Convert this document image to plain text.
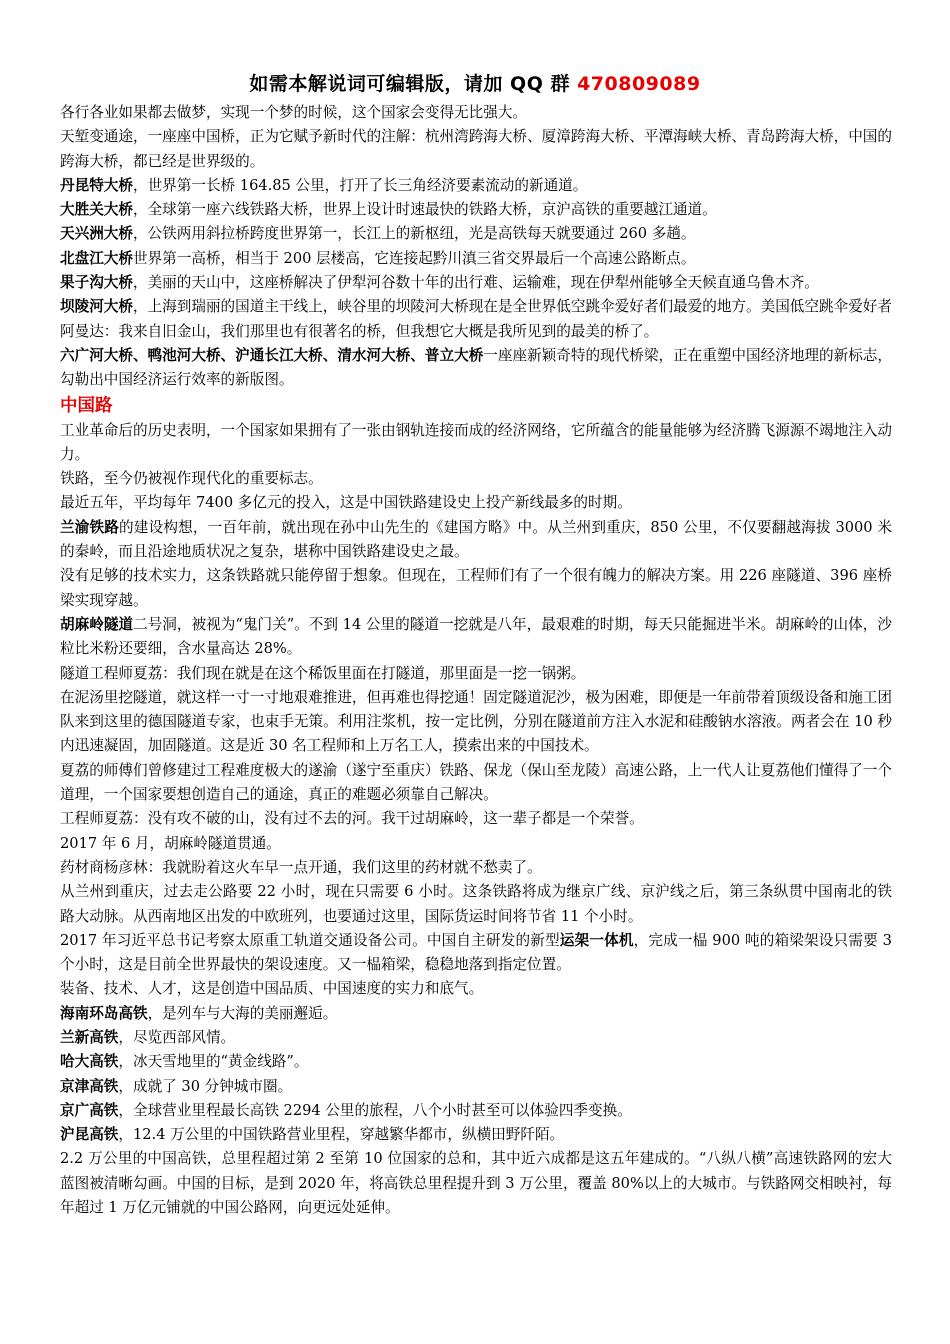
如需本解说词可编辑版，请加 QQ 群 470809089

各行各业如果都去做梦，实现一个梦的时候，这个国家会变得无比强大。

天堑变通途，一座座中国桥，正为它赋予新时代的注解：杭州湾跨海大桥、厦漳跨海大桥、平潭海峡大桥、青岛跨海大桥，中国的跨海大桥，都已经是世界级的。

丹昆特大桥，世界第一长桥 164.85 公里，打开了长三角经济要素流动的新通道。

大胜关大桥，全球第一座六线铁路大桥，世界上设计时速最快的铁路大桥，京沪高铁的重要越江通道。

天兴洲大桥，公铁两用斜拉桥跨度世界第一，长江上的新枢纽，光是高铁每天就要通过 260 多趟。

北盘江大桥世界第一高桥，相当于 200 层楼高，它连接起黔川滇三省交界最后一个高速公路断点。

果子沟大桥，美丽的天山中，这座桥解决了伊犁河谷数十年的出行难、运输难，现在伊犁州能够全天候直通乌鲁木齐。

坝陵河大桥，上海到瑞丽的国道主干线上，峡谷里的坝陵河大桥现在是全世界低空跳伞爱好者们最爱的地方。美国低空跳伞爱好者阿曼达：我来自旧金山，我们那里也有很著名的桥，但我想它大概是我所见到的最美的桥了。

六广河大桥、鸭池河大桥、沪通长江大桥、清水河大桥、普立大桥一座座新颖奇特的现代桥梁，正在重塑中国经济地理的新标志，勾勒出中国经济运行效率的新版图。

中国路

工业革命后的历史表明，一个国家如果拥有了一张由钢轨连接而成的经济网络，它所蕴含的能量能够为经济腾飞源源不竭地注入动力。

铁路，至今仍被视作现代化的重要标志。

最近五年，平均每年 7400 多亿元的投入，这是中国铁路建设史上投产新线最多的时期。

兰渝铁路的建设构想，一百年前，就出现在孙中山先生的《建国方略》中。从兰州到重庆，850 公里，不仅要翻越海拔 3000 米的秦岭，而且沿途地质状况之复杂，堪称中国铁路建设史之最。

没有足够的技术实力，这条铁路就只能停留于想象。但现在，工程师们有了一个很有魄力的解决方案。用 226 座隧道、396 座桥梁实现穿越。

胡麻岭隧道二号洞，被视为“鬼门关”。不到 14 公里的隧道一挖就是八年，最艰难的时期，每天只能掘进半米。胡麻岭的山体，沙粒比米粉还要细，含水量高达 28%。

隧道工程师夏荔：我们现在就是在这个稀饭里面在打隧道，那里面是一挖一锅粥。

在泥汤里挖隧道，就这样一寸一寸地艰难推进，但再难也得挖通！固定隧道泥沙，极为困难，即便是一年前带着顶级设备和施工团队来到这里的德国隧道专家，也束手无策。利用注浆机，按一定比例，分别在隧道前方注入水泥和硅酸钠水溶液。两者会在 10 秒内迅速凝固，加固隧道。这是近 30 名工程师和上万名工人，摸索出来的中国技术。

夏荔的师傅们曾修建过工程难度极大的遂渝（遂宁至重庆）铁路、保龙（保山至龙陵）高速公路，上一代人让夏荔他们懂得了一个道理，一个国家要想创造自己的通途，真正的难题必须靠自己解决。

工程师夏荔：没有攻不破的山，没有过不去的河。我干过胡麻岭，这一辈子都是一个荣誉。

2017 年 6 月，胡麻岭隧道贯通。

药材商杨彦林：我就盼着这火车早一点开通，我们这里的药材就不愁卖了。

从兰州到重庆，过去走公路要 22 小时，现在只需要 6 小时。这条铁路将成为继京广线、京沪线之后，第三条纵贯中国南北的铁路大动脉。从西南地区出发的中欧班列，也要通过这里，国际货运时间将节省 11 个小时。

2017 年习近平总书记考察太原重工轨道交通设备公司。中国自主研发的新型运架一体机，完成一榀 900 吨的箱梁架设只需要 3 个小时，这是目前全世界最快的架设速度。又一榀箱梁，稳稳地落到指定位置。

装备、技术、人才，这是创造中国品质、中国速度的实力和底气。

海南环岛高铁，是列车与大海的美丽邂逅。

兰新高铁，尽览西部风情。

哈大高铁，冰天雪地里的“黄金线路”。

京津高铁，成就了 30 分钟城市圈。

京广高铁，全球营业里程最长高铁 2294 公里的旅程，八个小时甚至可以体验四季变换。

沪昆高铁，12.4 万公里的中国铁路营业里程，穿越繁华都市，纵横田野阡陌。

2.2 万公里的中国高铁，总里程超过第 2 至第 10 位国家的总和，其中近六成都是这五年建成的。“八纵八横”高速铁路网的宏大蓝图被清晰勾画。中国的目标，是到 2020 年，将高铁总里程提升到 3 万公里，覆盖 80%以上的大城市。与铁路网交相映衬，每年超过 1 万亿元铺就的中国公路网，向更远处延伸。
